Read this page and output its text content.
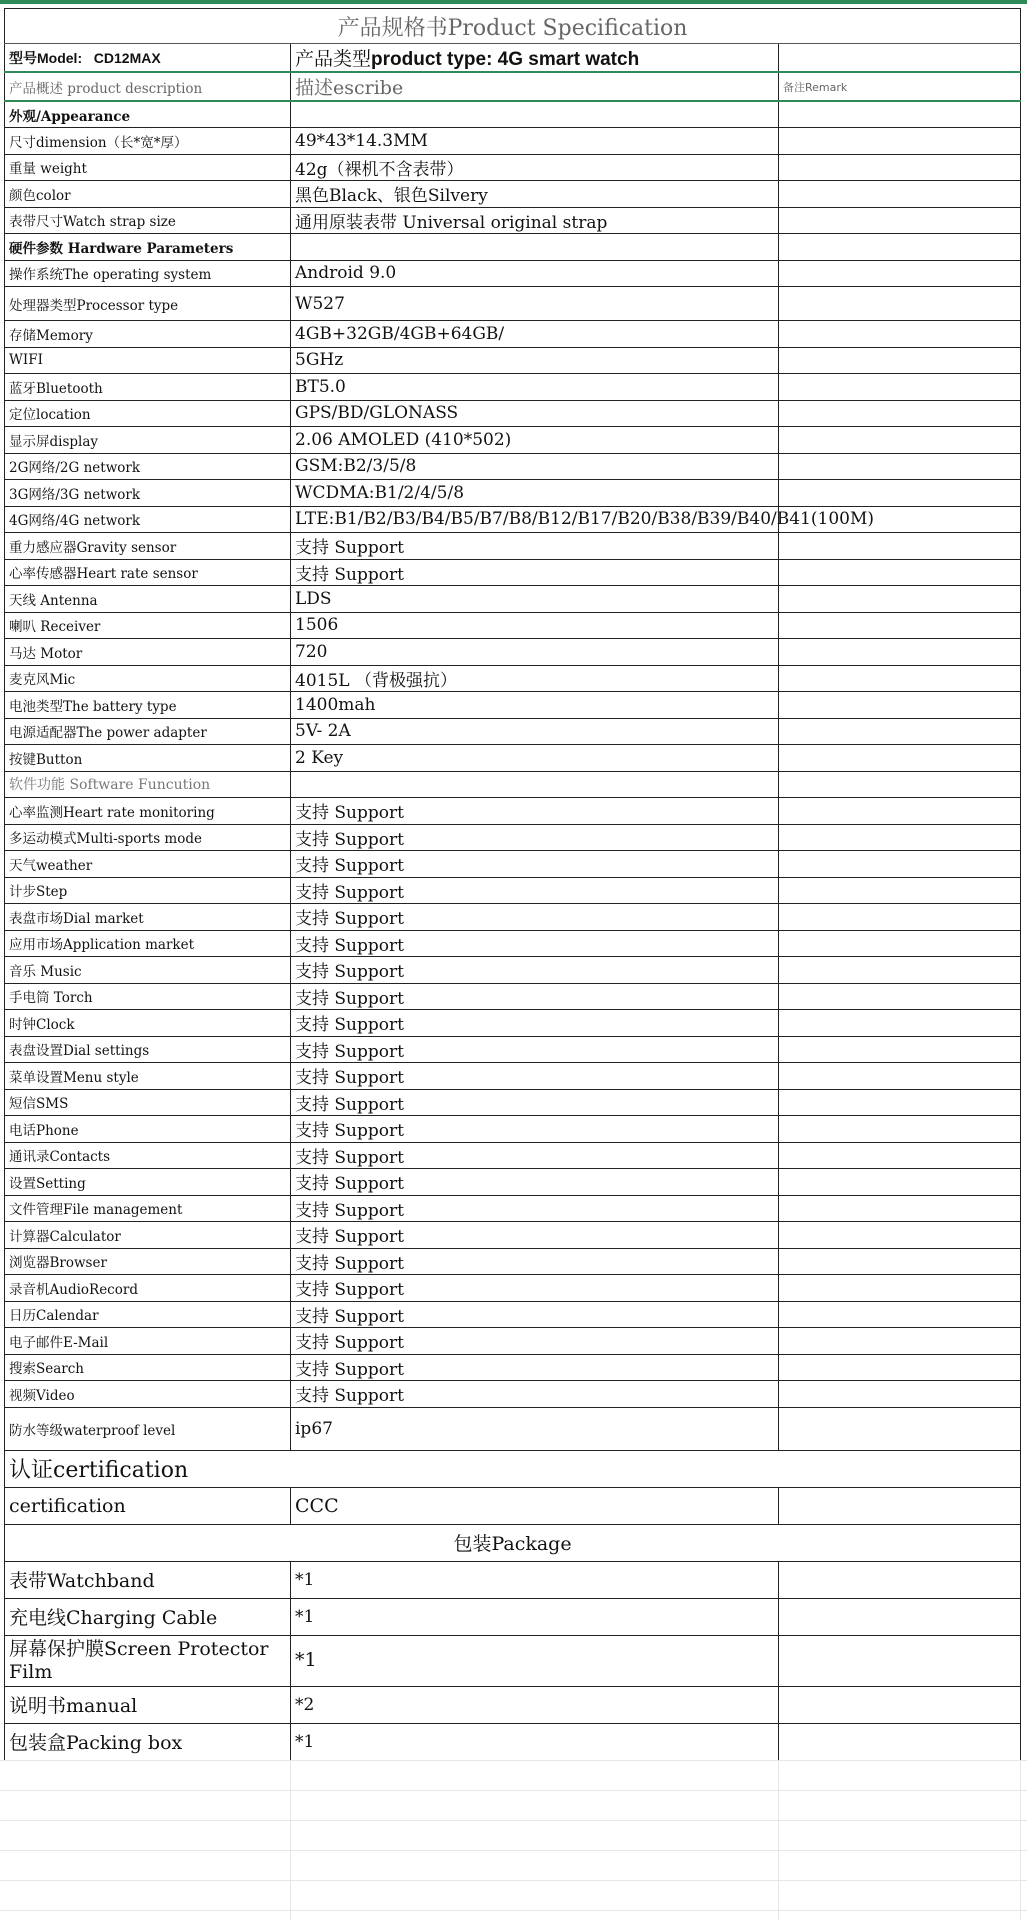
产品规格书Product Specification		
型号Model: CD12MAX	产品类型product type: 4G smart watch	
产品概述 product description	描述escribe	备注Remark
外观/Appearance		
尺寸dimension（长*宽*厚）	49*43*14.3MM	
重量 weight	42g（裸机不含表带）	
颜色color	黑色Black、银色Silvery	
表带尺寸Watch strap size	通用原装表带 Universal original strap	
硬件参数 Hardware Parameters		
操作系统The operating system	Android 9.0	
处理器类型Processor type	W527	
存储Memory	4GB+32GB/4GB+64GB/	
WIFI	5GHz	
蓝牙Bluetooth	BT5.0	
定位location	GPS/BD/GLONASS	
显示屏display	2.06 AMOLED (410*502)	
2G网络/2G network	GSM:B2/3/5/8	
3G网络/3G network	WCDMA:B1/2/4/5/8	
4G网络/4G network	LTE:B1/B2/B3/B4/B5/B7/B8/B12/B17/B20/B38/B39/B40/B41(100M)	
重力感应器Gravity sensor	支持 Support	
心率传感器Heart rate sensor	支持 Support	
天线 Antenna	LDS	
喇叭 Receiver	1506	
马达 Motor	720	
麦克风Mic	4015L （背极强抗）	
电池类型The battery type	1400mah	
电源适配器The power adapter	5V- 2A	
按键Button	2 Key	
软件功能 Software Funcution		
心率监测Heart rate monitoring	支持 Support	
多运动模式Multi-sports mode	支持 Support	
天气weather	支持 Support	
计步Step	支持 Support	
表盘市场Dial market	支持 Support	
应用市场Application market	支持 Support	
音乐 Music	支持 Support	
手电筒 Torch	支持 Support	
时钟Clock	支持 Support	
表盘设置Dial settings	支持 Support	
菜单设置Menu style	支持 Support	
短信SMS	支持 Support	
电话Phone	支持 Support	
通讯录Contacts	支持 Support	
设置Setting	支持 Support	
文件管理File management	支持 Support	
计算器Calculator	支持 Support	
浏览器Browser	支持 Support	
录音机AudioRecord	支持 Support	
日历Calendar	支持 Support	
电子邮件E-Mail	支持 Support	
搜索Search	支持 Support	
视频Video	支持 Support	
防水等级waterproof level	ip67	
认证certification		
certification	CCC	
包装Package		
表带Watchband	*1	
充电线Charging Cable	*1	
屏幕保护膜Screen Protector Film	*1	
说明书manual	*2	
包装盒Packing box	*1	
